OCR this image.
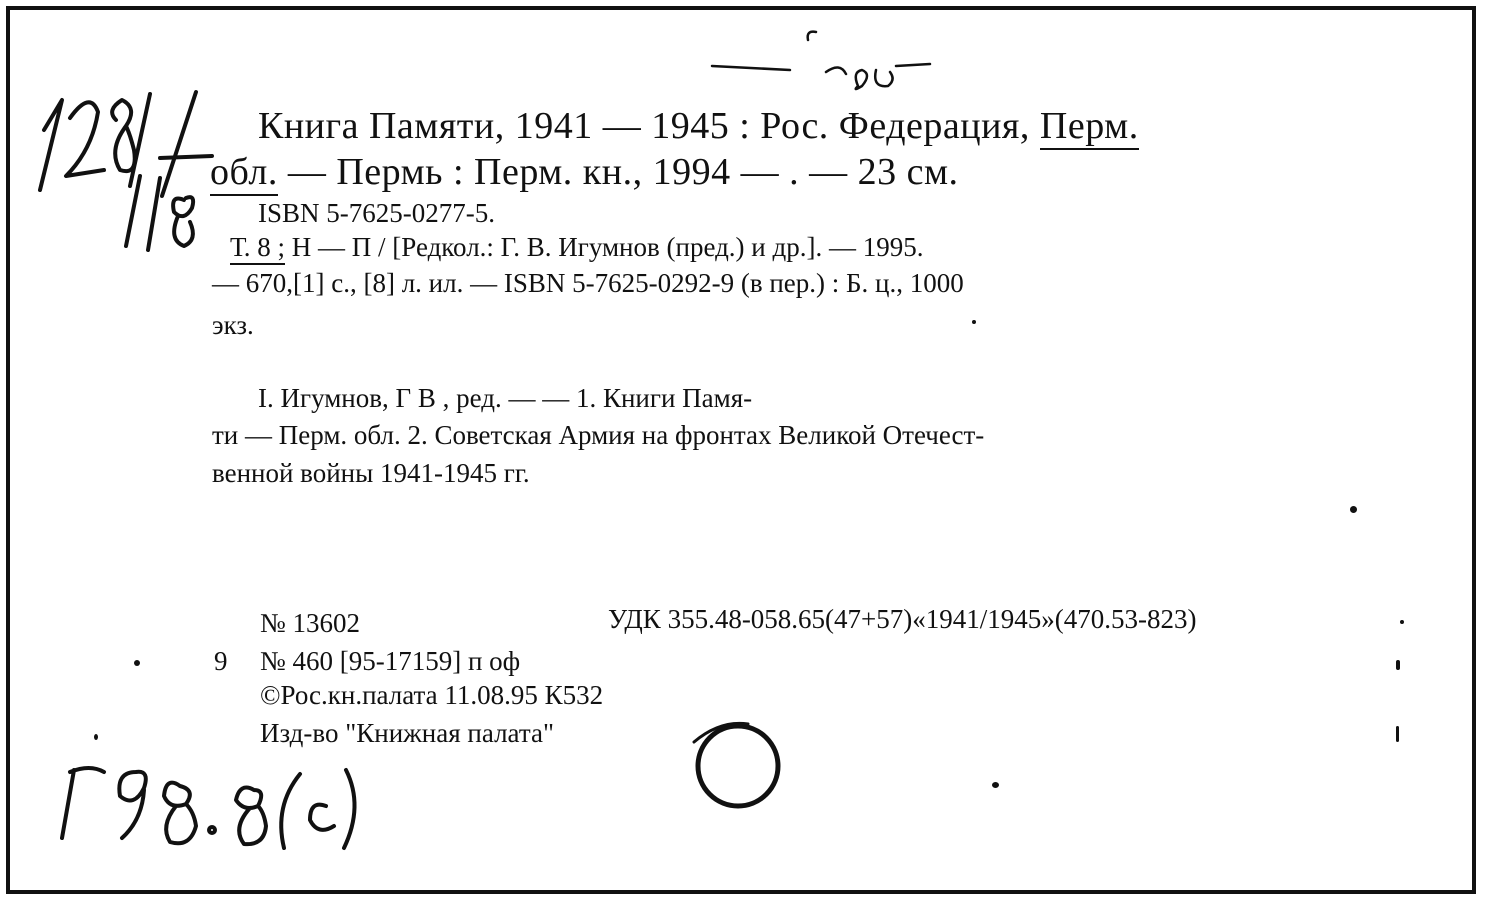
Книга Памяти, 1941 — 1945 : Рос. Федерация, Перм.
обл. — Пермь : Перм. кн., 1994 — . — 23 см.
ISBN 5-7625-0277-5.
Т. 8 ; Н — П / [Редкол.: Г. В. Игумнов (пред.) и др.]. — 1995.
— 670,[1] с., [8] л. ил. — ISBN 5-7625-0292-9 (в пер.) : Б. ц., 1000
экз.
I. Игумнов, Г В , ред. — — 1. Книги Памя-
ти — Перм. обл. 2. Советская Армия на фронтах Великой Отечест-
венной войны 1941-1945 гг.
№ 13602	УДК 355.48-058.65(47+57)«1941/1945»(470.53-823)
9 № 460 [95-17159] п оф
©Рос.кн.палата 11.08.95 К532
Изд-во "Книжная палата"
